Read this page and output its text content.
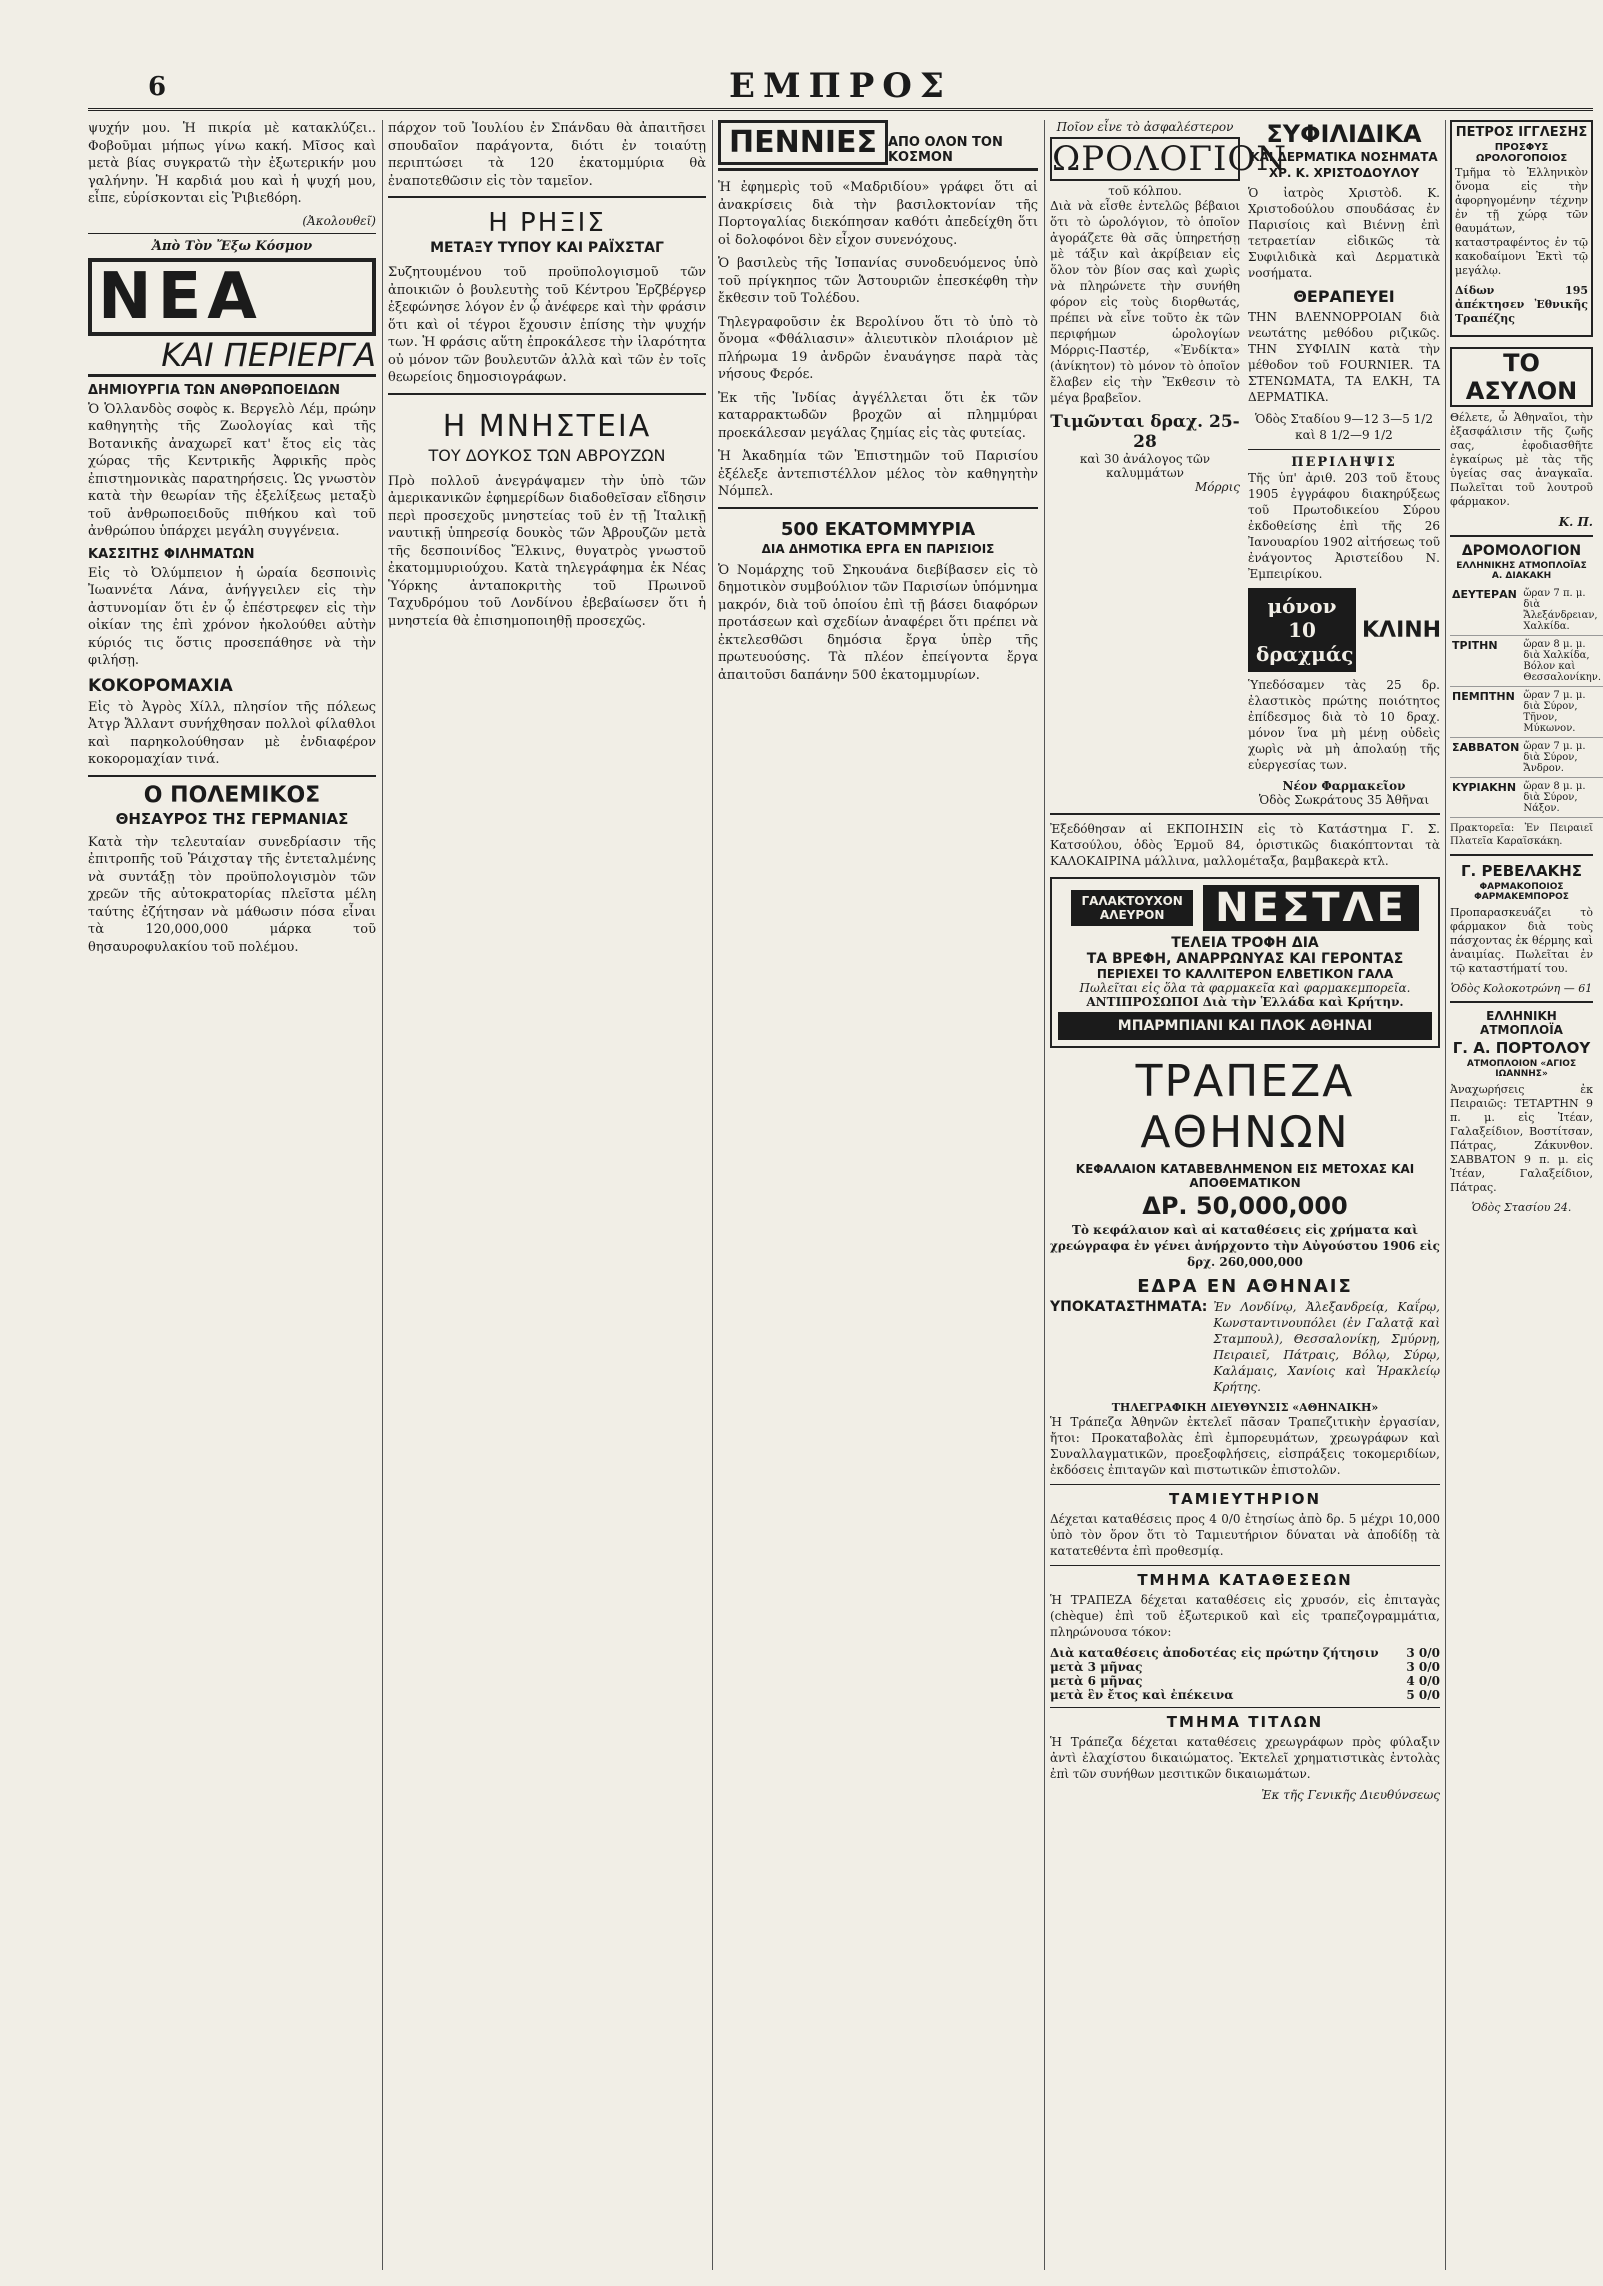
6	ΕΜΠΡΟΣ

ψυχήν μου. Ἡ πικρία μὲ κατακλύζει.. Φοβοῦμαι μήπως γίνω κακή. Μῖσος καὶ μετὰ βίας συγκρατῶ τὴν ἐξωτερικήν μου γαλήνην. Ἡ καρδιά μου καὶ ἡ ψυχή μου, εἶπε, εὑρίσκονται εἰς Ῥιβιεϐόρη.

(Ἀκολουθεῖ)
Ἀπὸ Τὸν Ἔξω Κόσμον
ΝΕΑ
ΚΑΙ ΠΕΡΙΕΡΓΑ
ΔΗΜΙΟΥΡΓΙΑ ΤΩΝ ΑΝΘΡΩΠΟΕΙΔΩΝ

Ὁ Ὁλλανδὸς σοφὸς κ. Βεργελὸ Λέμ, πρώην καθηγητὴς τῆς Ζωολογίας καὶ τῆς Βοτανικῆς ἀναχωρεῖ κατ' ἔτος εἰς τὰς χώρας τῆς Κεντρικῆς Ἀφρικῆς πρὸς ἐπιστημονικὰς παρατηρήσεις. Ὡς γνωστὸν κατὰ τὴν θεωρίαν τῆς ἐξελίξεως μεταξὺ τοῦ ἀνθρωποειδοῦς πιθήκου καὶ τοῦ ἀνθρώπου ὑπάρχει μεγάλη συγγένεια.

ΚΑΣΣΙΤΗΣ ΦΙΛΗΜΑΤΩΝ

Εἰς τὸ Ὀλύμπειον ἡ ὡραία δεσποινὶς Ἰωαννέτα Λάνα, ἀνήγγειλεν εἰς τὴν ἀστυνομίαν ὅτι ἐν ᾧ ἐπέστρεφεν εἰς τὴν οἰκίαν της ἐπὶ χρόνον ἠκολούθει αὐτὴν κύριός τις ὅστις προσεπάθησε νὰ τὴν φιλήσῃ.

ΚΟΚΟΡΟΜΑΧΙΑ

Εἰς τὸ Ἀγρὸς Χίλλ, πλησίον τῆς πόλεως Ἀτγρ Ἄλλαντ συνήχθησαν πολλοὶ φίλαθλοι καὶ παρηκολούθησαν μὲ ἐνδιαφέρον κοκορομαχίαν τινά.

Ο ΠΟΛΕΜΙΚΟΣ
ΘΗΣΑΥΡΟΣ ΤΗΣ ΓΕΡΜΑΝΙΑΣ

Κατὰ τὴν τελευταίαν συνεδρίασιν τῆς ἐπιτροπῆς τοῦ Ῥάιχσταγ τῆς ἐντεταλμένης νὰ συντάξῃ τὸν προϋπολογισμὸν τῶν χρεῶν τῆς αὐτοκρατορίας πλεῖστα μέλη ταύτης ἐζήτησαν νὰ μάθωσιν πόσα εἶναι τὰ 120,000,000 μάρκα τοῦ θησαυροφυλακίου τοῦ πολέμου.

πάρχον τοῦ Ἰουλίου ἐν Σπάνδαυ θὰ ἀπαιτῆσει σπουδαῖον παράγοντα, διότι ἐν τοιαύτῃ περιπτώσει τὰ 120 ἑκατομμύρια θὰ ἐναποτεθῶσιν εἰς τὸν ταμεῖον.

Η ΡΗΞΙΣ
ΜΕΤΑΞΥ ΤΥΠΟΥ ΚΑΙ ΡΑΪΧΣΤΑΓ

Συζητουμένου τοῦ προϋπολογισμοῦ τῶν ἀποικιῶν ὁ βουλευτὴς τοῦ Κέντρου Ἐρζβέργερ ἐξεφώνησε λόγον ἐν ᾧ ἀνέφερε καὶ τὴν φράσιν ὅτι καὶ οἱ τέγροι ἔχουσιν ἐπίσης τὴν ψυχήν των. Ἡ φράσις αὕτη ἐπροκάλεσε τὴν ἱλαρότητα οὐ μόνον τῶν βουλευτῶν ἀλλὰ καὶ τῶν ἐν τοῖς θεωρείοις δημοσιογράφων.

Η ΜΝΗΣΤΕΙΑ
ΤΟΥ ΔΟΥΚΟΣ ΤΩΝ ΑΒΡΟΥΖΩΝ

Πρὸ πολλοῦ ἀνεγράψαμεν τὴν ὑπὸ τῶν ἀμερικανικῶν ἐφημερίδων διαδοθεῖσαν εἴδησιν περὶ προσεχοῦς μνηστείας τοῦ ἐν τῇ Ἰταλικῇ ναυτικῇ ὑπηρεσίᾳ δουκὸς τῶν Ἀβρουζῶν μετὰ τῆς δεσποινίδος Ἔλκινς, θυγατρὸς γνωστοῦ ἐκατομμυριούχου. Κατὰ τηλεγράφημα ἐκ Νέας Ὑόρκης ἀνταποκριτὴς τοῦ Πρωινοῦ Ταχυδρόμου τοῦ Λονδίνου ἐβεβαίωσεν ὅτι ἡ μνηστεία θὰ ἐπισημοποιηθῇ προσεχῶς.

ΠΕΝΝΙΕΣ ΑΠΟ ΟΛΟΝ ΤΟΝ ΚΟΣΜΟΝ

Ἡ ἐφημερὶς τοῦ «Μαδριδίου» γράφει ὅτι αἱ ἀνακρίσεις διὰ τὴν βασιλοκτονίαν τῆς Πορτογαλίας διεκόπησαν καθότι ἀπεδείχθη ὅτι οἱ δολοφόνοι δὲν εἶχον συνενόχους.

Ὁ βασιλεὺς τῆς Ἰσπανίας συνοδευόμενος ὑπὸ τοῦ πρίγκηπος τῶν Ἀστουριῶν ἐπεσκέφθη τὴν ἔκθεσιν τοῦ Τολέδου.

Τηλεγραφοῦσιν ἐκ Βερολίνου ὅτι τὸ ὑπὸ τὸ ὄνομα «Φθάλιασιν» ἀλιευτικὸν πλοιάριον μὲ πλήρωμα 19 ἀνδρῶν ἐναυάγησε παρὰ τὰς νήσους Φερόε.

Ἐκ τῆς Ἰνδίας ἀγγέλλεται ὅτι ἐκ τῶν καταρρακτωδῶν βροχῶν αἱ πλημμύραι προεκάλεσαν μεγάλας ζημίας εἰς τὰς φυτείας.

Ἡ Ἀκαδημία τῶν Ἐπιστημῶν τοῦ Παρισίου ἐξέλεξε ἀντεπιστέλλον μέλος τὸν καθηγητὴν Νόμπελ.

500 ΕΚΑΤΟΜΜΥΡΙΑ
ΔΙΑ ΔΗΜΟΤΙΚΑ ΕΡΓΑ ΕΝ ΠΑΡΙΣΙΟΙΣ

Ὁ Νομάρχης τοῦ Σηκουάνα διεβίβασεν εἰς τὸ δημοτικὸν συμβούλιον τῶν Παρισίων ὑπόμνημα μακρόν, διὰ τοῦ ὁποίου ἐπὶ τῇ βάσει διαφόρων προτάσεων καὶ σχεδίων ἀναφέρει ὅτι πρέπει νὰ ἐκτελεσθῶσι δημόσια ἔργα ὑπὲρ τῆς πρωτευούσης. Τὰ πλέον ἐπείγοντα ἔργα ἀπαιτοῦσι δαπάνην 500 ἑκατομμυρίων.

Ποῖον εἶνε τὸ ἀσφαλέστερον
ΩΡΟΛΟΓΙΟΝ
τοῦ κόλπου.

Διὰ νὰ εἶσθε ἐντελῶς βέβαιοι ὅτι τὸ ὡρολόγιον, τὸ ὁποῖον ἀγοράζετε θὰ σᾶς ὑπηρετήσῃ μὲ τάξιν καὶ ἀκρίβειαν εἰς ὅλον τὸν βίον σας καὶ χωρὶς νὰ πληρώνετε τὴν συνήθη φόρον εἰς τοὺς διορθωτάς, πρέπει νὰ εἶνε τοῦτο ἐκ τῶν περιφήμων ὡρολογίων Μόρρις-Παστέρ, «Ἐνδίκτα» (ἀνίκητον) τὸ μόνον τὸ ὁποῖον ἔλαβεν εἰς τὴν Ἔκθεσιν τὸ μέγα βραβεῖον.

Τιμῶνται δραχ. 25-28
καὶ 30 ἀνάλογος τῶν καλυμμάτων
Μόρρις
ΣΥΦΙΛΙΔΙΚΑ
ΚΑΙ ΔΕΡΜΑΤΙΚΑ ΝΟΣΗΜΑΤΑ
ΧΡ. Κ. ΧΡΙΣΤΟΔΟΥΛΟΥ

Ὁ ἰατρὸς Χριστὸδ. Κ. Χριστοδούλου σπουδάσας ἐν Παρισίοις καὶ Βιέννῃ ἐπὶ τετραετίαν εἰδικῶς τὰ Συφιλιδικὰ καὶ Δερματικὰ νοσήματα.

ΘΕΡΑΠΕΥΕΙ

ΤΗΝ ΒΛΕΝΝΟΡΡΟΙΑΝ διὰ νεωτάτης μεθόδου ριζικῶς. ΤΗΝ ΣΥΦΙΛΙΝ κατὰ τὴν μέθοδον τοῦ FOURNIER. ΤΑ ΣΤΕΝΩΜΑΤΑ, ΤΑ ΕΛΚΗ, ΤΑ ΔΕΡΜΑΤΙΚΑ.

Ὁδὸς Σταδίου 9—12 3—5 1/2 καὶ 8 1/2—9 1/2

ΠΕΡΙΛΗΨΙΣ

Τῆς ὑπ' ἀριθ. 203 τοῦ ἔτους 1905 ἐγγράφου διακηρύξεως τοῦ Πρωτοδικείου Σύρου ἐκδοθείσης ἐπὶ τῆς 26 Ἰανουαρίου 1902 αἰτήσεως τοῦ ἐνάγοντος Ἀριστείδου Ν. Ἐμπειρίκου.

μόνον 10 δραχμάς
ΚΛΙΝΗ

Ὑπεδόσαμεν τὰς 25 δρ. ἐλαστικὸς πρώτης ποιότητος ἐπίδεσμος διὰ τὸ 10 δραχ. μόνον ἵνα μὴ μένῃ οὐδεὶς χωρὶς νὰ μὴ ἀπολαύῃ τῆς εὐεργεσίας των.

Νέον Φαρμακεῖον
Ὁδὸς Σωκράτους 35 Ἀθῆναι

Ἐξεδόθησαν αἱ ΕΚΠΟΙΗΣΙΝ εἰς τὸ Κατάστημα Γ. Σ. Κατσούλου, ὁδὸς Ἑρμοῦ 84, ὁριστικῶς διακόπτονται τὰ ΚΑΛΟΚΑΙΡΙΝΑ μάλλινα, μαλλομέταξα, βαμβακερὰ κτλ.

ΓΑΛΑΚΤΟΥΧΟΝ ΑΛΕΥΡΟΝ	ΝΕΣΤΛΕ
ΤΕΛΕΙΑ ΤΡΟΦΗ ΔΙΑ
ΤΑ ΒΡΕΦΗ, ΑΝΑΡΡΩΝΥΑΣ ΚΑΙ ΓΕΡΟΝΤΑΣ
ΠΕΡΙΕΧΕΙ ΤΟ ΚΑΛΛΙΤΕΡΟΝ ΕΛΒΕΤΙΚΟΝ ΓΑΛΑ
Πωλεῖται εἰς ὅλα τὰ φαρμακεῖα καὶ φαρμακεμπορεῖα.
ΑΝΤΙΠΡΟΣΩΠΟΙ Διὰ τὴν Ἑλλάδα καὶ Κρήτην.
ΜΠΑΡΜΠΙΑΝΙ ΚΑΙ ΠΛΟΚ ΑΘΗΝΑΙ
ΤΡΑΠΕΖΑ ΑΘΗΝΩΝ
ΚΕΦΑΛΑΙΟΝ ΚΑΤΑΒΕΒΛΗΜΕΝΟΝ ΕΙΣ ΜΕΤΟΧΑΣ ΚΑΙ ΑΠΟΘΕΜΑΤΙΚΟΝ
ΔΡ. 50,000,000

Τὸ κεφάλαιον καὶ αἱ καταθέσεις εἰς χρήματα καὶ χρεώγραφα ἐν γένει ἀνήρχοντο τὴν Αὐγούστου 1906 εἰς δρχ. 260,000,000

ΕΔΡΑ ΕΝ ΑΘΗΝΑΙΣ
ΥΠΟΚΑΤΑΣΤΗΜΑΤΑ: Ἐν Λονδίνῳ, Ἀλεξανδρείᾳ, Καΐρῳ, Κωνσταντινουπόλει (ἐν Γαλατᾷ καὶ Σταμπουλ), Θεσσαλονίκῃ, Σμύρνῃ, Πειραιεῖ, Πάτραις, Βόλῳ, Σύρῳ, Καλάμαις, Χανίοις καὶ Ἡρακλείῳ Κρήτης.

ΤΗΛΕΓΡΑΦΙΚΗ ΔΙΕΥΘΥΝΣΙΣ «ΑΘΗΝΑΙΚΗ»

Ἡ Τράπεζα Ἀθηνῶν ἐκτελεῖ πᾶσαν Τραπεζιτικὴν ἐργασίαν, ἤτοι: Προκαταβολὰς ἐπὶ ἐμπορευμάτων, χρεωγράφων καὶ Συναλλαγματικῶν, προεξοφλήσεις, εἰσπράξεις τοκομεριδίων, ἐκδόσεις ἐπιταγῶν καὶ πιστωτικῶν ἐπιστολῶν.

ΤΑΜΙΕΥΤΗΡΙΟΝ

Δέχεται καταθέσεις προς 4 0/0 ἐτησίως ἀπὸ δρ. 5 μέχρι 10,000 ὑπὸ τὸν ὅρον ὅτι τὸ Ταμιευτήριον δύναται νὰ ἀποδίδῃ τὰ κατατεθέντα ἐπὶ προθεσμίᾳ.

ΤΜΗΜΑ ΚΑΤΑΘΕΣΕΩΝ

Ἡ ΤΡΑΠΕΖΑ δέχεται καταθέσεις εἰς χρυσόν, εἰς ἐπιταγὰς (chèque) ἐπὶ τοῦ ἐξωτερικοῦ καὶ εἰς τραπεζογραμμάτια, πληρώνουσα τόκον:

Διὰ καταθέσεις ἀποδοτέας εἰς πρώτην ζήτησιν 3 0/0
μετὰ 3 μῆνας	3 0/0
μετὰ 6 μῆνας	4 0/0
μετὰ ἓν ἔτος καὶ ἐπέκεινα	5 0/0
ΤΜΗΜΑ ΤΙΤΛΩΝ

Ἡ Τράπεζα δέχεται καταθέσεις χρεωγράφων πρὸς φύλαξιν ἀντὶ ἐλαχίστου δικαιώματος. Ἐκτελεῖ χρηματιστικὰς ἐντολὰς ἐπὶ τῶν συνήθων μεσιτικῶν δικαιωμάτων.

Ἐκ τῆς Γενικῆς Διευθύνσεως
ΠΕΤΡΟΣ ΙΓΓΛΕΣΗΣ
ΠΡΟΣΦΥΣ ΩΡΟΛΟΓΟΠΟΙΟΣ

Τμῆμα τὸ Ἑλληνικὸν ὄνομα εἰς τὴν ἀφορηγομένην τέχνην ἐν τῇ χώρᾳ τῶν θαυμάτων, καταστραφέντος ἐν τῷ κακοδαίμονι Ἐκτὶ τῷ μεγάλῳ.

Δίδων 195 ἀπέκτησεν Ἐθνικῆς Τραπέζης

ΤΟ ΑΣΥΛΟΝ

Θέλετε, ὦ Ἀθηναῖοι, τὴν ἐξασφάλισιν τῆς ζωῆς σας, ἐφοδιασθῆτε ἐγκαίρως μὲ τὰς τῆς ὑγείας σας ἀναγκαῖα. Πωλεῖται τοῦ λουτροῦ φάρμακον.

Κ. Π.
ΔΡΟΜΟΛΟΓΙΟΝ
ΕΛΛΗΝΙΚΗΣ ΑΤΜΟΠΛΟΪΑΣ Α. ΔΙΑΚΑΚΗ
ΔΕΥΤΕΡΑΝ	ὥραν 7 π. μ. διὰ Ἄλεξάνδρειαν, Χαλκίδα.
ΤΡΙΤΗΝ	ὥραν 8 μ. μ. διὰ Χαλκίδα, Βόλον καὶ Θεσσαλονίκην.
ΠΕΜΠΤΗΝ	ὥραν 7 μ. μ. διὰ Σύρον, Τῆνον, Μύκωνον.
ΣΑΒΒΑΤΟΝ	ὥραν 7 μ. μ. διὰ Σύρον, Ἄνδρον.
ΚΥΡΙΑΚΗΝ	ὥραν 8 μ. μ. διὰ Σύρον, Νάξον.

Πρακτορεῖα: Ἐν Πειραιεῖ Πλατεῖα Καραϊσκάκη.

Γ. ΡΕΒΕΛΑΚΗΣ
ΦΑΡΜΑΚΟΠΟΙΟΣ ΦΑΡΜΑΚΕΜΠΟΡΟΣ

Προπαρασκευάζει τὸ φάρμακον διὰ τοὺς πάσχοντας ἐκ θέρμης καὶ ἀναιμίας. Πωλεῖται ἐν τῷ καταστήματί του.

Ὁδὸς Κολοκοτρώνη — 61
ΕΛΛΗΝΙΚΗ ΑΤΜΟΠΛΟΪΑ
Γ. Α. ΠΟΡΤΟΛΟΥ
ΑΤΜΟΠΛΟΙΟΝ «ΑΓΙΟΣ ΙΩΑΝΝΗΣ»

Ἀναχωρήσεις ἐκ Πειραιῶς: ΤΕΤΑΡΤΗΝ 9 π. μ. εἰς Ἰτέαν, Γαλαξείδιον, Βοστίτσαν, Πάτρας, Ζάκυνθον. ΣΑΒΒΑΤΟΝ 9 π. μ. εἰς Ἰτέαν, Γαλαξείδιον, Πάτρας.

Ὁδὸς Στασίου 24.
